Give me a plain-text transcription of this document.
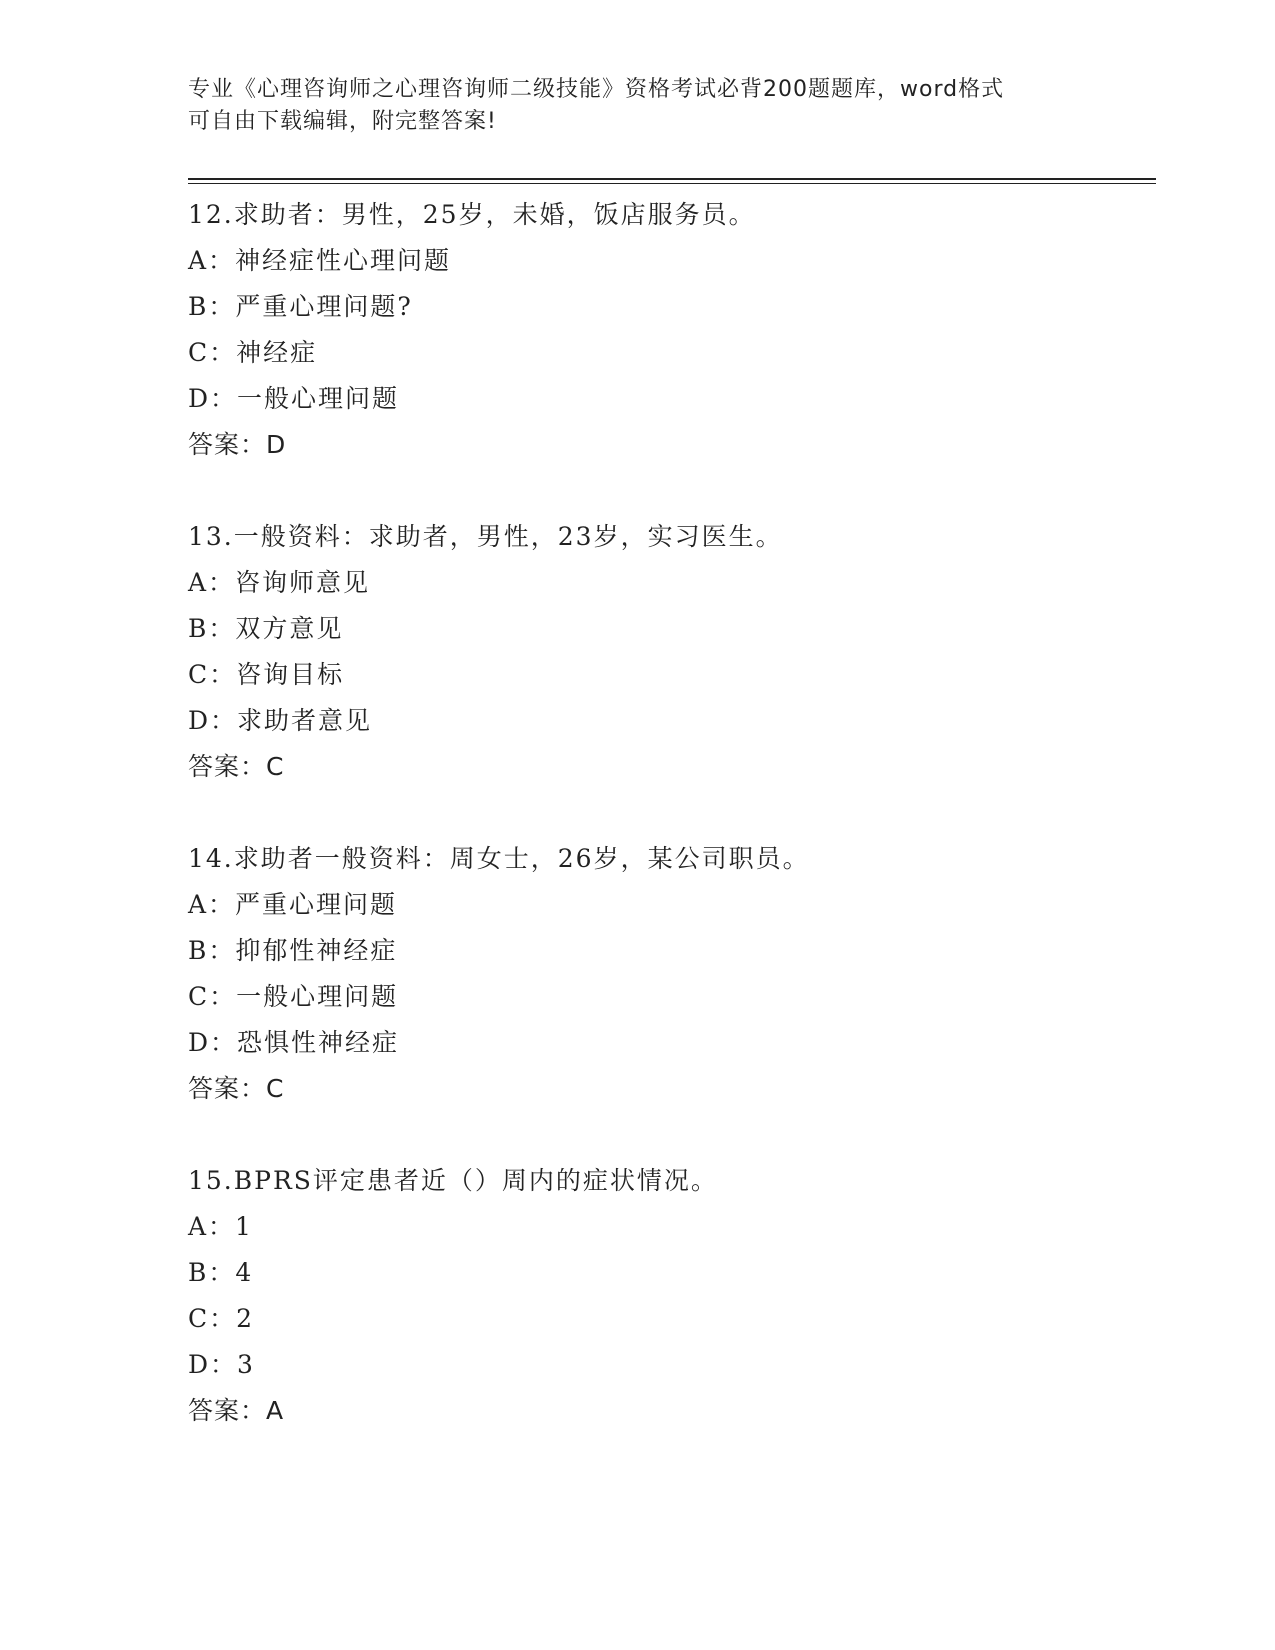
专业《心理咨询师之心理咨询师二级技能》资格考试必背200题题库，word格式
可自由下载编辑，附完整答案!
12.求助者：男性，25岁，未婚，饭店服务员。
A：神经症性心理问题
B：严重心理问题?
C：神经症
D：一般心理问题
答案：D
13.一般资料：求助者，男性，23岁，实习医生。
A：咨询师意见
B：双方意见
C：咨询目标
D：求助者意见
答案：C
14.求助者一般资料：周女士，26岁，某公司职员。
A：严重心理问题
B：抑郁性神经症
C：一般心理问题
D：恐惧性神经症
答案：C
15.BPRS评定患者近（）周内的症状情况。
A：1
B：4
C：2
D：3
答案：A
